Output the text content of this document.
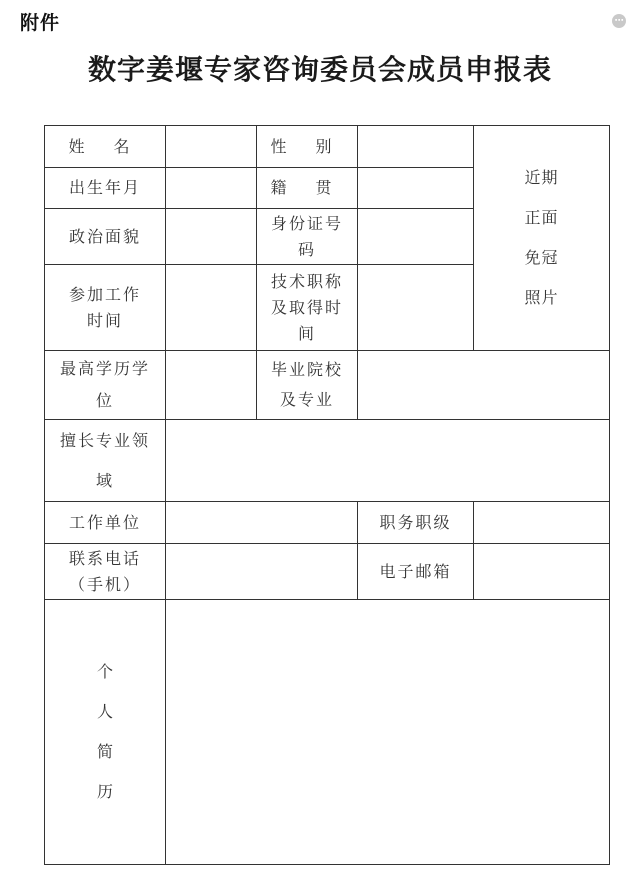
附件	⋯
数字姜堰专家咨询委员会成员申报表
姓 名		性 别		近期正面免冠照片

出生年月		籍 贯		
政治面貌		身份证号码		

参加工作时间		技术职称及取得时间		

最高学历学位		毕业院校及专业		

擅长专业领域				

工作单位			职务职级	

联系电话（手机）			电子邮箱	
个人简历				
